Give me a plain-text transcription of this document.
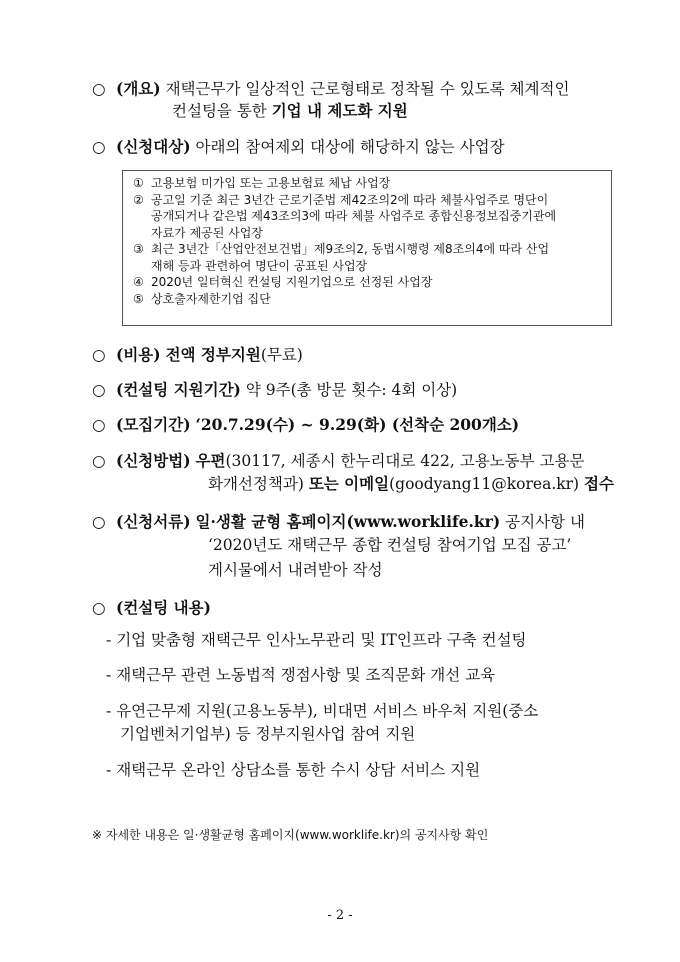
○ (개요) 재택근무가 일상적인 근로형태로 정착될 수 있도록 체계적인
컨설팅을 통한 기업 내 제도화 지원
○ (신청대상) 아래의 참여제외 대상에 해당하지 않는 사업장
① 고용보험 미가입 또는 고용보험료 체납 사업장
② 공고일 기준 최근 3년간 근로기준법 제42조의2에 따라 체불사업주로 명단이
공개되거나 같은법 제43조의3에 따라 체불 사업주로 종합신용정보집중기관에
자료가 제공된 사업장
③ 최근 3년간「산업안전보건법」제9조의2, 동법시행령 제8조의4에 따라 산업
재해 등과 관련하여 명단이 공표된 사업장
④ 2020년 일터혁신 컨설팅 지원기업으로 선정된 사업장
⑤ 상호출자제한기업 집단
○ (비용) 전액 정부지원(무료)
○ (컨설팅 지원기간) 약 9주(총 방문 횟수: 4회 이상)
○ (모집기간) ‘20.7.29(수) ~ 9.29(화) (선착순 200개소)
○ (신청방법) 우편(30117, 세종시 한누리대로 422, 고용노동부 고용문
화개선정책과) 또는 이메일(goodyang11@korea.kr) 접수
○ (신청서류) 일·생활 균형 홈페이지(www.worklife.kr) 공지사항 내
‘2020년도 재택근무 종합 컨설팅 참여기업 모집 공고’
게시물에서 내려받아 작성
○ (컨설팅 내용)
- 기업 맞춤형 재택근무 인사노무관리 및 IT인프라 구축 컨설팅
- 재택근무 관련 노동법적 쟁점사항 및 조직문화 개선 교육
- 유연근무제 지원(고용노동부), 비대면 서비스 바우처 지원(중소
기업벤처기업부) 등 정부지원사업 참여 지원
- 재택근무 온라인 상담소를 통한 수시 상담 서비스 지원
※ 자세한 내용은 일·생활균형 홈페이지(www.worklife.kr)의 공지사항 확인
- 2 -
